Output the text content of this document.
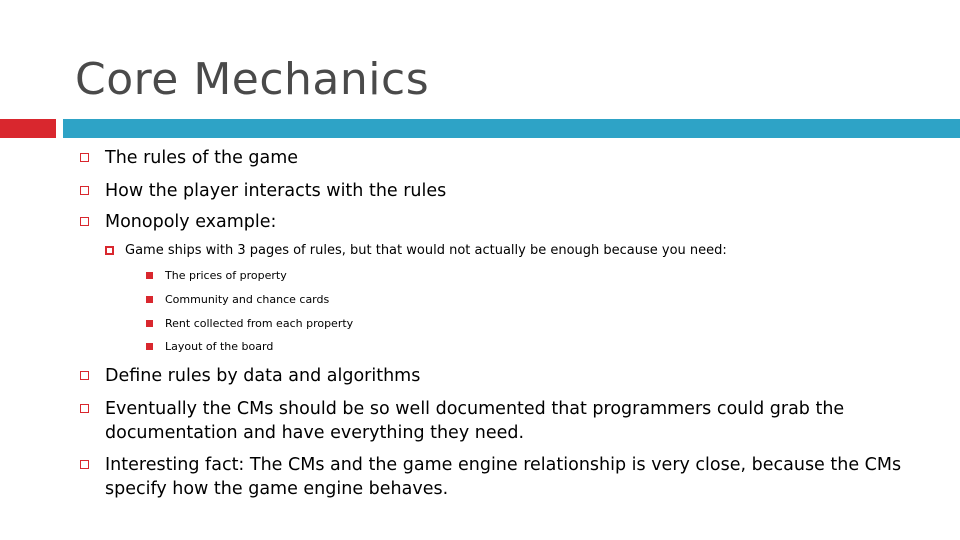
Core Mechanics
The rules of the game
How the player interacts with the rules
Monopoly example:
Game ships with 3 pages of rules, but that would not actually be enough because you need:
The prices of property
Community and chance cards
Rent collected from each property
Layout of the board
Define rules by data and algorithms
Eventually the CMs should be so well documented that programmers could grab the documentation and have everything they need.
Interesting fact: The CMs and the game engine relationship is very close, because the CMs specify how the game engine behaves.
